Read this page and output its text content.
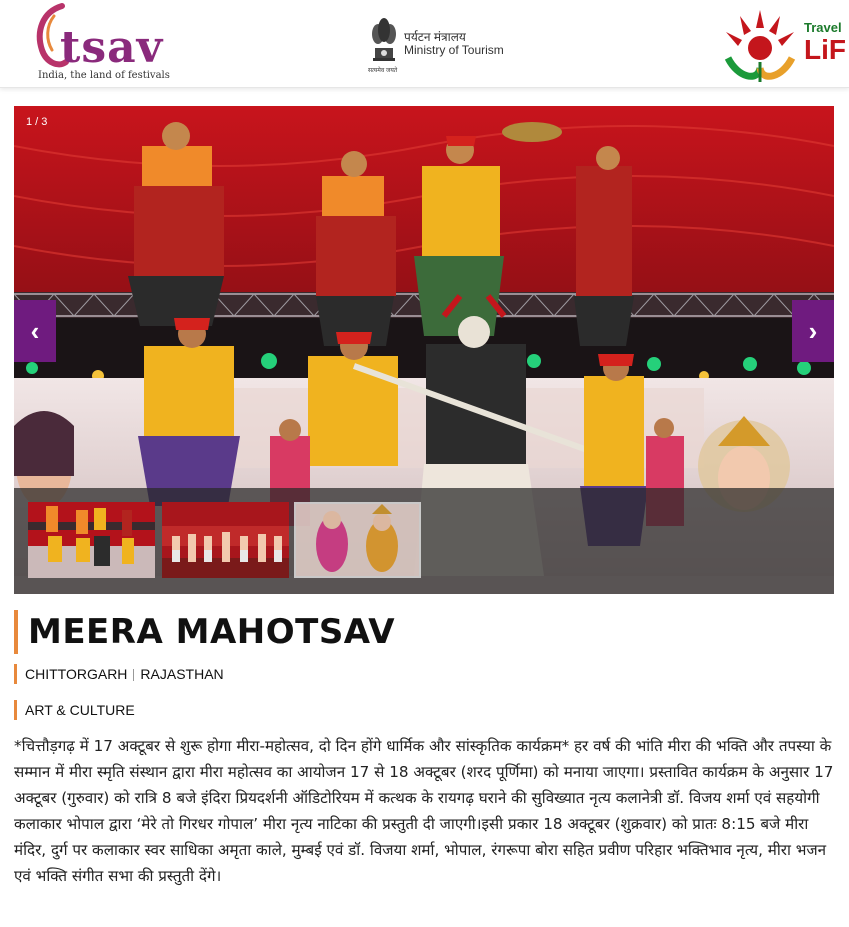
tsav
India, the land of festivals	सत्यमेव जयते
पर्यटन मंत्रालय
Ministry of Tourism
Travel
LiF
1 / 3
‹	›
MEERA MAHOTSAV
CHITTORGARH RAJASTHAN
ART & CULTURE
*चित्तौड़गढ़ में 17 अक्टूबर से शुरू होगा मीरा-महोत्सव, दो दिन होंगे धार्मिक और सांस्कृतिक कार्यक्रम* हर वर्ष की भांति मीरा की भक्ति और तपस्या के सम्मान में मीरा स्मृति संस्थान द्वारा मीरा महोत्सव का आयोजन 17 से 18 अक्टूबर (शरद पूर्णिमा) को मनाया जाएगा। प्रस्तावित कार्यक्रम के अनुसार 17 अक्टूबर (गुरुवार) को रात्रि 8 बजे इंदिरा प्रियदर्शनी ऑडिटोरियम में कत्थक के रायगढ़ घराने की सुविख्यात नृत्य कलानेत्री डॉ. विजय शर्मा एवं सहयोगी कलाकार भोपाल द्वारा ‘मेरे तो गिरधर गोपाल’ मीरा नृत्य नाटिका की प्रस्तुती दी जाएगी।इसी प्रकार 18 अक्टूबर (शुक्रवार) को प्रातः 8:15 बजे मीरा मंदिर, दुर्ग पर कलाकार स्वर साधिका अमृता काले, मुम्बई एवं डॉ. विजया शर्मा, भोपाल, रंगरूपा बोरा सहित प्रवीण परिहार भक्तिभाव नृत्य, मीरा भजन एवं भक्ति संगीत सभा की प्रस्तुती देंगे।
